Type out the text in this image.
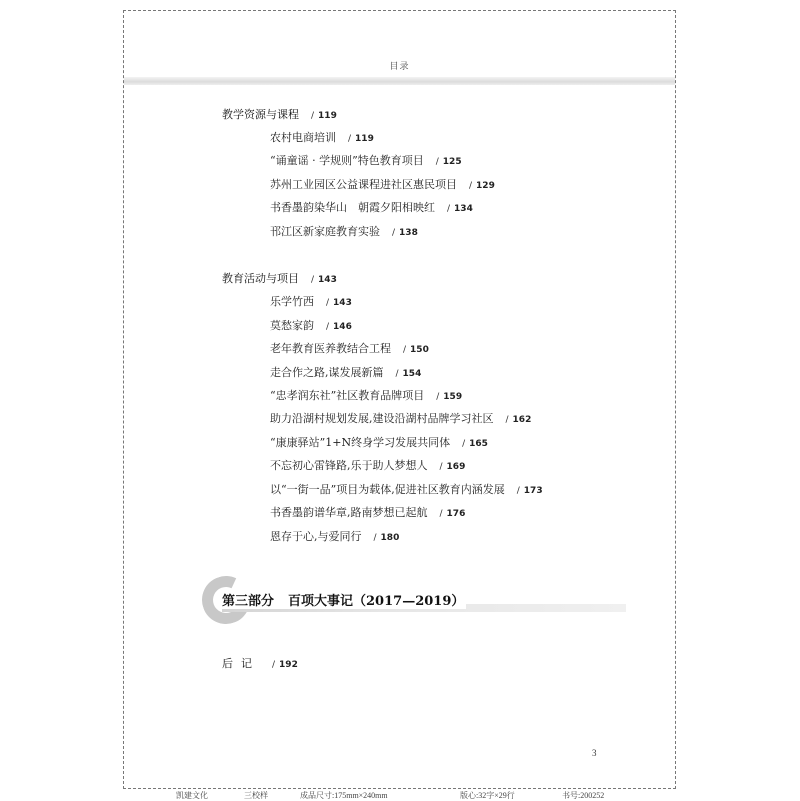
目录
教学资源与课程 / 119
农村电商培训 / 119
“诵童谣 · 学规则”特色教育项目 / 125
苏州工业园区公益课程进社区惠民项目 / 129
书香墨韵染华山　朝霞夕阳相映红 / 134
邗江区新家庭教育实验 / 138
教育活动与项目 / 143
乐学竹西 / 143
莫愁家韵 / 146
老年教育医养教结合工程 / 150
走合作之路,谋发展新篇 / 154
“忠孝润东社”社区教育品牌项目 / 159
助力沿湖村规划发展,建设沿湖村品牌学习社区 / 162
“康康驿站”1+N终身学习发展共同体 / 165
不忘初心雷锋路,乐于助人梦想人 / 169
以“一街一品”项目为载体,促进社区教育内涵发展 / 173
书香墨韵谱华章,路南梦想已起航 / 176
恩存于心,与爱同行 / 180
第三部分 百项大事记（2017—2019）
后记 / 192
3
凯建文化	三校样	成品尺寸:175mm×240mm	版心:32字×29行	书号:200252
